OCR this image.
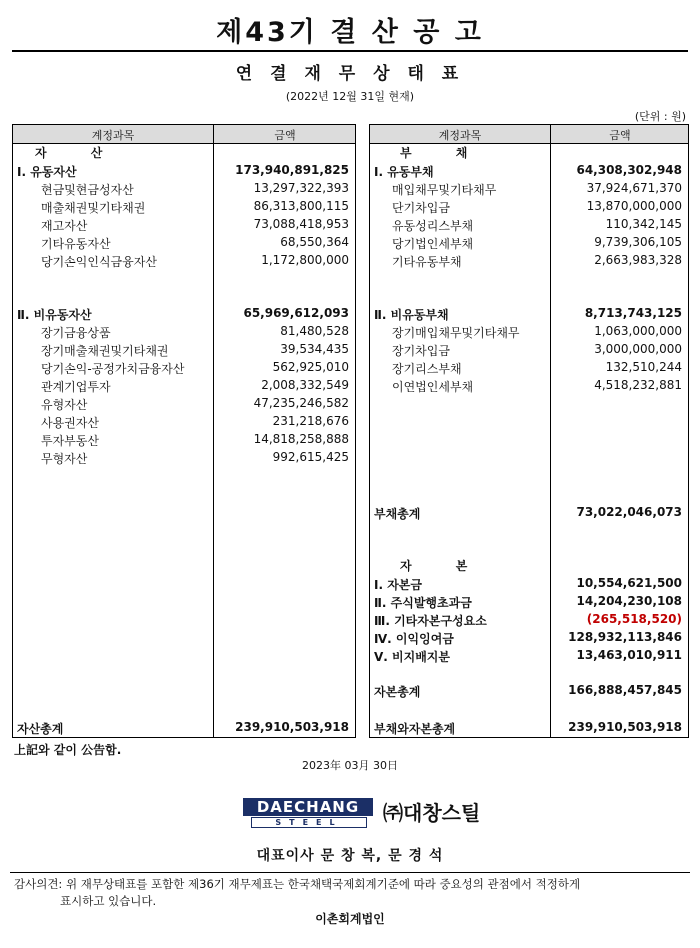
제43기 결 산 공 고
연 결 재 무 상 태 표
(2022년 12월 31일 현재)
(단위 : 원)
계정과목	금액
자 산
Ⅰ. 유동자산	173,940,891,825
현금및현금성자산	13,297,322,393
매출채권및기타채권	86,313,800,115
재고자산	73,088,418,953
기타유동자산	68,550,364
당기손익인식금융자산	1,172,800,000
Ⅱ. 비유동자산	65,969,612,093
장기금융상품	81,480,528
장기매출채권및기타채권	39,534,435
당기손익-공정가치금융자산	562,925,010
관계기업투자	2,008,332,549
유형자산	47,235,246,582
사용권자산	231,218,676
투자부동산	14,818,258,888
무형자산	992,615,425
자산총계	239,910,503,918
계정과목	금액
부 채
Ⅰ. 유동부채	64,308,302,948
매입채무및기타채무	37,924,671,370
단기차입금	13,870,000,000
유동성리스부채	110,342,145
당기법인세부채	9,739,306,105
기타유동부채	2,663,983,328
Ⅱ. 비유동부채	8,713,743,125
장기매입채무및기타채무	1,063,000,000
장기차입금	3,000,000,000
장기리스부채	132,510,244
이연법인세부채	4,518,232,881
부채총계	73,022,046,073
자 본
Ⅰ. 자본금	10,554,621,500
Ⅱ. 주식발행초과금	14,204,230,108
Ⅲ. 기타자본구성요소	(265,518,520)
Ⅳ. 이익잉여금	128,932,113,846
Ⅴ. 비지배지분	13,463,010,911
자본총계	166,888,457,845
부채와자본총계	239,910,503,918
上記와 같이 公告함.
2023年 03月 30日
DAECHANG
STEEL	㈜대창스틸
대표이사 문 창 복, 문 경 석
감사의견: 위 재무상태표를 포함한 제36기 재무제표는 한국채택국제회계기준에 따라 중요성의 관점에서 적정하게
표시하고 있습니다.
이촌회계법인
